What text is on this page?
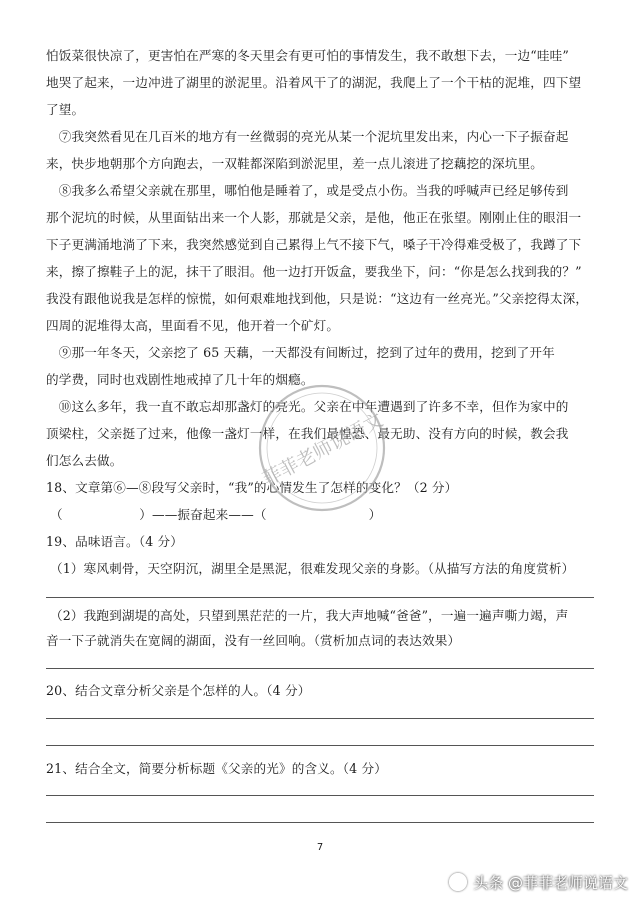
怕饭菜很快凉了，更害怕在严寒的冬天里会有更可怕的事情发生，我不敢想下去，一边“哇哇”
地哭了起来，一边冲进了湖里的淤泥里。沿着风干了的湖泥，我爬上了一个干枯的泥堆，四下望
了望。
　⑦我突然看见在几百米的地方有一丝微弱的亮光从某一个泥坑里发出来，内心一下子振奋起
来，快步地朝那个方向跑去，一双鞋都深陷到淤泥里，差一点儿滚进了挖藕挖的深坑里。
　⑧我多么希望父亲就在那里，哪怕他是睡着了，或是受点小伤。当我的呼喊声已经足够传到
那个泥坑的时候，从里面钻出来一个人影，那就是父亲，是他，他正在张望。刚刚止住的眼泪一
下子更满涌地淌了下来，我突然感觉到自己累得上气不接下气，嗓子干冷得难受极了，我蹲了下
来，擦了擦鞋子上的泥，抹干了眼泪。他一边打开饭盒，要我坐下，问：“你是怎么找到我的？”
我没有跟他说我是怎样的惊慌，如何艰难地找到他，只是说：“这边有一丝亮光。”父亲挖得太深，
四周的泥堆得太高，里面看不见，他开着一个矿灯。
　⑨那一年冬天，父亲挖了 65 天藕，一天都没有间断过，挖到了过年的费用，挖到了开年
的学费，同时也戏剧性地戒掉了几十年的烟瘾。
　⑩这么多年，我一直不敢忘却那盏灯的亮光。父亲在中年遭遇到了许多不幸，但作为家中的
顶梁柱，父亲挺了过来，他像一盏灯一样，在我们最惶恐、最无助、没有方向的时候，教会我
们怎么去做。
18、文章第⑥—⑧段写父亲时，“我”的心情发生了怎样的变化？（2 分）
（　　　　　　）——振奋起来——（　　　　　　　　）
19、品味语言。（4 分）
（1）寒风刺骨，天空阴沉，湖里全是黑泥，很难发现父亲的身影。（从描写方法的角度赏析）
（2）我跑到湖堤的高处，只望到黑茫茫的一片，我大声地喊“爸爸”，一遍一遍声嘶力竭，声
音一下子就消失在宽阔的湖面，没有一丝回响。（赏析加点词的表达效果）
20、结合文章分析父亲是个怎样的人。（4 分）
21、结合全文，简要分析标题《父亲的光》的含义。（4 分）
7
菲菲老师说语文
头条 @菲菲老师说语文
